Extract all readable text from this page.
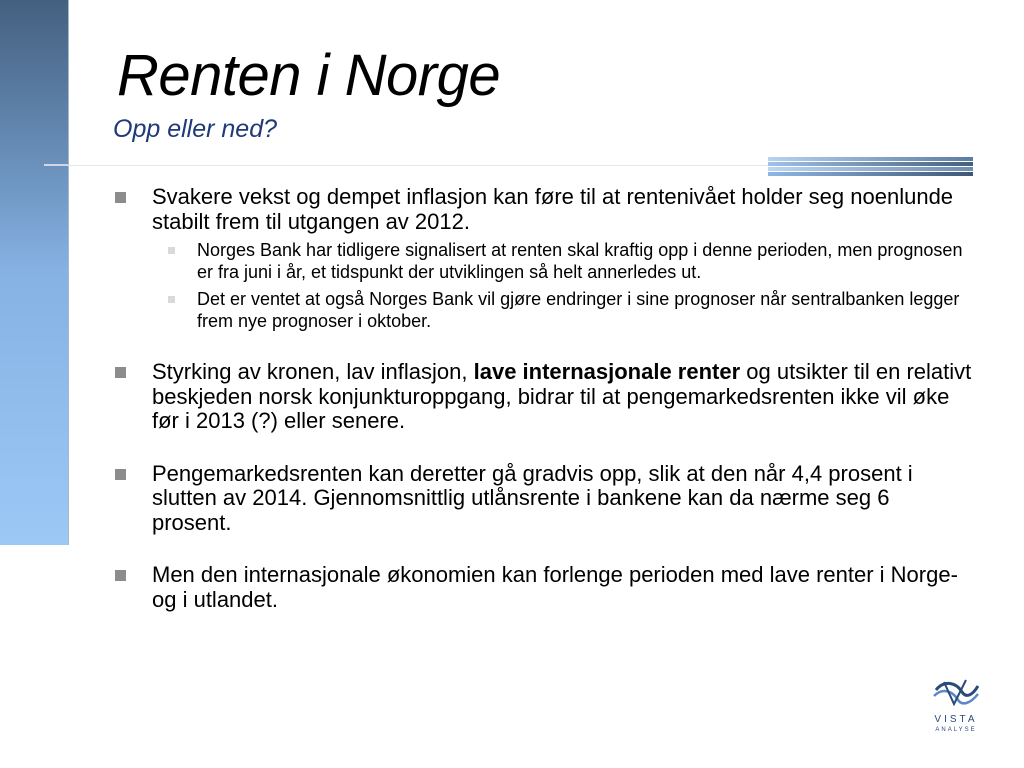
Renten i Norge
Opp eller ned?
Svakere vekst og dempet inflasjon kan føre til at rentenivået holder seg noenlunde stabilt frem til utgangen av 2012.
Norges Bank har tidligere signalisert at renten skal kraftig opp i denne perioden, men prognosen er fra juni i år, et tidspunkt der utviklingen så helt annerledes ut.
Det er ventet at også Norges Bank vil gjøre endringer i sine prognoser når sentralbanken legger frem nye prognoser i oktober.
Styrking av kronen, lav inflasjon, lave internasjonale renter og utsikter til en relativt beskjeden norsk konjunkturoppgang, bidrar til at pengemarkedsrenten ikke vil øke før i 2013 (?) eller senere.
Pengemarkedsrenten kan deretter gå gradvis opp, slik at den når 4,4 prosent i slutten av 2014. Gjennomsnittlig utlånsrente i bankene kan da nærme seg 6 prosent.
Men den internasjonale økonomien kan forlenge perioden med lave renter i Norge- og i utlandet.
VISTA
ANALYSE
